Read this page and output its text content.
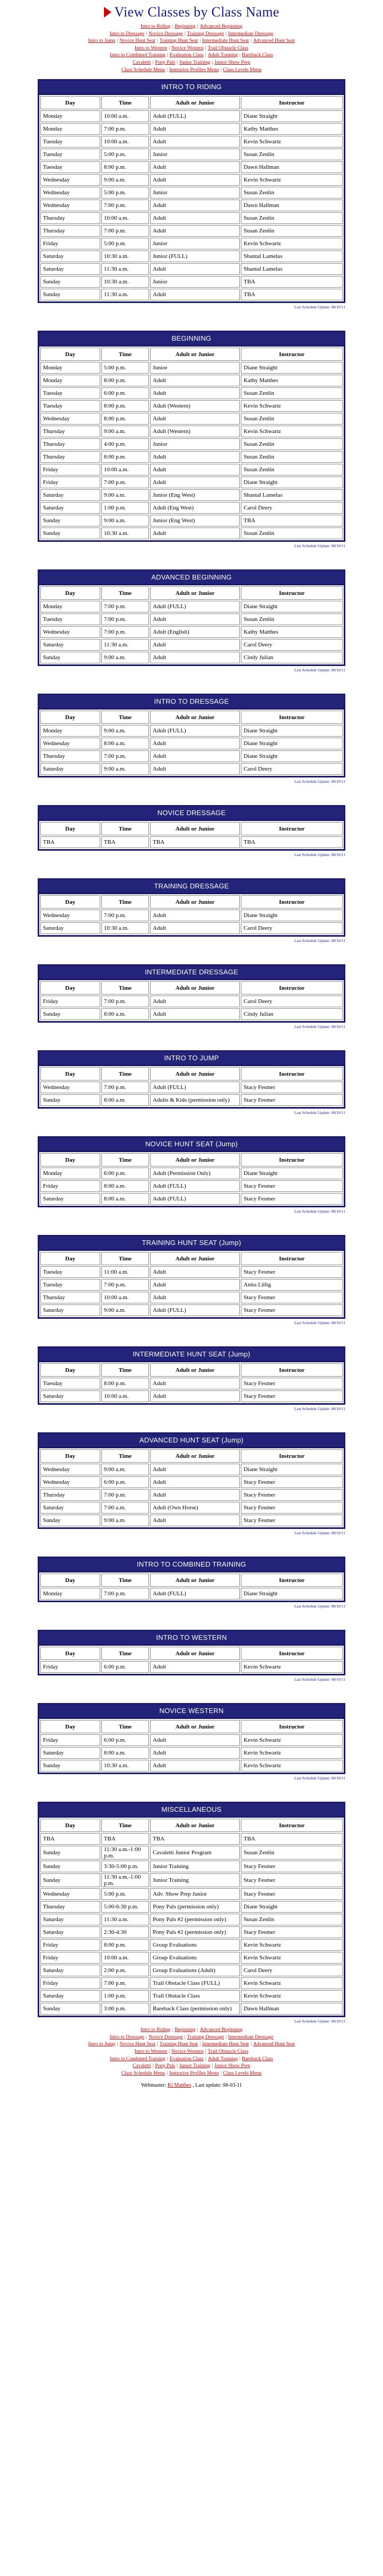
View Classes by Class Name
Intro to Riding | Beginning | Advanced Beginning
Intro to Dressage | Novice Dressage | Training Dressage | Intermediate Dressage
Intro to Jump | Novice Hunt Seat | Training Hunt Seat | Intermediate Hunt Seat | Advanced Hunt Seat
Intro to Western | Novice Western | Trail Obstacle Class
Intro to Combined Training | Evaluation Class | Adult Training | Bareback Class
Cavaletti | Pony Pals | Junior Training | Junior Show Prep
Class Schedule Menu | Instructor Profiles Menu | Class Levels Menu
INTRO TO RIDING
Day	Time	Adult or Junior	Instructor
Monday	10:00 a.m.	Adult (FULL)	Diane Straight
Monday	7:00 p.m.	Adult	Kathy Matthes
Tuesday	10:00 a.m.	Adult	Kevin Schwartz
Tuesday	5:00 p.m.	Junior	Susan Zenlin
Tuesday	8:00 p.m.	Adult	Dawn Hallman
Wednesday	9:00 a.m.	Adult	Kevin Schwartz
Wednesday	5:00 p.m.	Junior	Susan Zenlin
Wednesday	7:00 p.m.	Adult	Dawn Hallman
Thursday	10:00 a.m.	Adult	Susan Zenlin
Thursday	7:00 p.m.	Adult	Susan Zenlin
Friday	5:00 p.m.	Junior	Kevin Schwartz
Saturday	10:30 a.m.	Junior (FULL)	Shantal Lamelas
Saturday	11:30 a.m.	Adult	Shantal Lamelas
Sunday	10:30 a.m.	Junior	TBA
Sunday	11:30 a.m.	Adult	TBA
Last Schedule Update: 08/10/11
BEGINNING
Day	Time	Adult or Junior	Instructor
Monday	5:00 p.m.	Junior	Diane Straight
Monday	8:00 p.m.	Adult	Kathy Matthes
Tuesday	6:00 p.m.	Adult	Susan Zenlin
Tuesday	8:00 p.m.	Adult (Western)	Kevin Schwartz
Wednesday	8:00 p.m.	Adult	Susan Zenlin
Thursday	9:00 a.m.	Adult (Western)	Kevin Schwartz
Thursday	4:00 p.m.	Junior	Susan Zenlin
Thursday	8:00 p.m.	Adult	Susan Zenlin
Friday	10:00 a.m.	Adult	Susan Zenlin
Friday	7:00 p.m.	Adult	Diane Straight
Saturday	9:00 a.m.	Junior (Eng West)	Shantal Lamelas
Saturday	1:00 p.m.	Adult (Eng West)	Carol Deery
Sunday	9:00 a.m.	Junior (Eng West)	TBA
Sunday	10:30 a.m.	Adult	Susan Zenlin
Last Schedule Update: 08/10/11
ADVANCED BEGINNING
Day	Time	Adult or Junior	Instructor
Monday	7:00 p.m.	Adult (FULL)	Diane Straight
Tuesday	7:00 p.m.	Adult	Susan Zenlin
Wednesday	7:00 p.m.	Adult (English)	Kathy Matthes
Saturday	11:30 a.m.	Adult	Carol Deery
Sunday	9:00 a.m.	Adult	Cindy Julian
Last Schedule Update: 08/10/11
INTRO TO DRESSAGE
Day	Time	Adult or Junior	Instructor
Monday	9:00 a.m.	Adult (FULL)	Diane Straight
Wednesday	8:00 a.m.	Adult	Diane Straight
Thursday	7:00 p.m.	Adult	Diane Straight
Saturday	9:00 a.m.	Adult	Carol Deery
Last Schedule Update: 08/10/11
NOVICE DRESSAGE
Day	Time	Adult or Junior	Instructor
TBA	TBA	TBA	TBA
Last Schedule Update: 08/10/11
TRAINING DRESSAGE
Day	Time	Adult or Junior	Instructor
Wednesday	7:00 p.m.	Adult	Diane Straight
Saturday	10:30 a.m.	Adult	Carol Deery
Last Schedule Update: 08/10/11
INTERMEDIATE DRESSAGE
Day	Time	Adult or Junior	Instructor
Friday	7:00 p.m.	Adult	Carol Deery
Sunday	8:00 a.m.	Adult	Cindy Julian
Last Schedule Update: 08/10/11
INTRO TO JUMP
Day	Time	Adult or Junior	Instructor
Wednesday	7:00 p.m.	Adult (FULL)	Stacy Fesmer
Sunday	8:00 a.m.	Adults & Kids (permission only)	Stacy Fesmer
Last Schedule Update: 08/10/11
NOVICE HUNT SEAT (Jump)
Day	Time	Adult or Junior	Instructor
Monday	6:00 p.m.	Adult (Permission Only)	Diane Straight
Friday	8:00 a.m.	Adult (FULL)	Stacy Fesmer
Saturday	8:00 a.m.	Adult (FULL)	Stacy Fesmer
Last Schedule Update: 08/10/11
TRAINING HUNT SEAT (Jump)
Day	Time	Adult or Junior	Instructor
Tuesday	11:00 a.m.	Adult	Stacy Fesmer
Tuesday	7:00 p.m.	Adult	Anita Lillig
Thursday	10:00 a.m.	Adult	Stacy Fesmer
Saturday	9:00 a.m.	Adult (FULL)	Stacy Fesmer
Last Schedule Update: 08/10/11
INTERMEDIATE HUNT SEAT (Jump)
Day	Time	Adult or Junior	Instructor
Tuesday	8:00 p.m.	Adult	Stacy Fesmer
Saturday	10:00 a.m.	Adult	Stacy Fesmer
Last Schedule Update: 08/10/11
ADVANCED HUNT SEAT (Jump)
Day	Time	Adult or Junior	Instructor
Wednesday	9:00 a.m.	Adult	Diane Straight
Wednesday	6:00 p.m.	Adult	Stacy Fesmer
Thursday	7:00 p.m.	Adult	Stacy Fesmer
Saturday	7:00 a.m.	Adult (Own Horse)	Stacy Fesmer
Sunday	9:00 a.m.	Adult	Stacy Fesmer
Last Schedule Update: 08/10/11
INTRO TO COMBINED TRAINING
Day	Time	Adult or Junior	Instructor
Monday	7:00 p.m.	Adult (FULL)	Diane Straight
Last Schedule Update: 08/10/11
INTRO TO WESTERN
Day	Time	Adult or Junior	Instructor
Friday	6:00 p.m.	Adult	Kevin Schwartz
Last Schedule Update: 08/10/11
NOVICE WESTERN
Day	Time	Adult or Junior	Instructor
Friday	6:00 p.m.	Adult	Kevin Schwartz
Saturday	8:00 a.m.	Adult	Kevin Schwartz
Sunday	10:30 a.m.	Adult	Kevin Schwartz
Last Schedule Update: 08/10/11
MISCELLANEOUS
Day	Time	Adult or Junior	Instructor
TBA	TBA	TBA	TBA
Sunday	11:30 a.m.-1:00 p.m.	Cavaletti Junior Program	Susan Zenlin
Sunday	3:30-5:00 p.m.	Junior Training	Stacy Fesmer
Sunday	11:30 a.m.-1:00 p.m.	Junior Training	Stacy Fesmer
Wednesday	5:00 p.m.	Adv. Show Prep Junior	Stacy Fesmer
Thursday	5:00-6:30 p.m.	Pony Pals (permission only)	Diane Straight
Saturday	11:30 a.m.	Pony Pals #2 (permission only)	Susan Zenlin
Saturday	2:30-4:30	Pony Pals #2 (permission only)	Stacy Fesmer
Friday	8:00 p.m.	Group Evaluations	Kevin Schwartz
Friday	10:00 a.m.	Group Evaluations	Kevin Schwartz
Saturday	2:00 p.m.	Group Evaluations (Adult)	Carol Deery
Friday	7:00 p.m.	Trail Obstacle Class (FULL)	Kevin Schwartz
Saturday	1:00 p.m.	Trail Obstacle Class	Kevin Schwartz
Sunday	3:00 p.m.	Bareback Class (permission only)	Dawn Hallman
Last Schedule Update: 08/10/11
Intro to Riding | Beginning | Advanced Beginning
Intro to Dressage | Novice Dressage | Training Dressage | Intermediate Dressage
Intro to Jump | Novice Hunt Seat | Training Hunt Seat | Intermediate Hunt Seat | Advanced Hunt Seat
Intro to Western | Novice Western | Trail Obstacle Class
Intro to Combined Training | Evaluation Class | Adult Training | Bareback Class
Cavaletti | Pony Pals | Junior Training | Junior Show Prep
Class Schedule Menu | Instructor Profiles Menu | Class Levels Menu
Webmaster: Ki Matthes , Last update: 08-03-11
